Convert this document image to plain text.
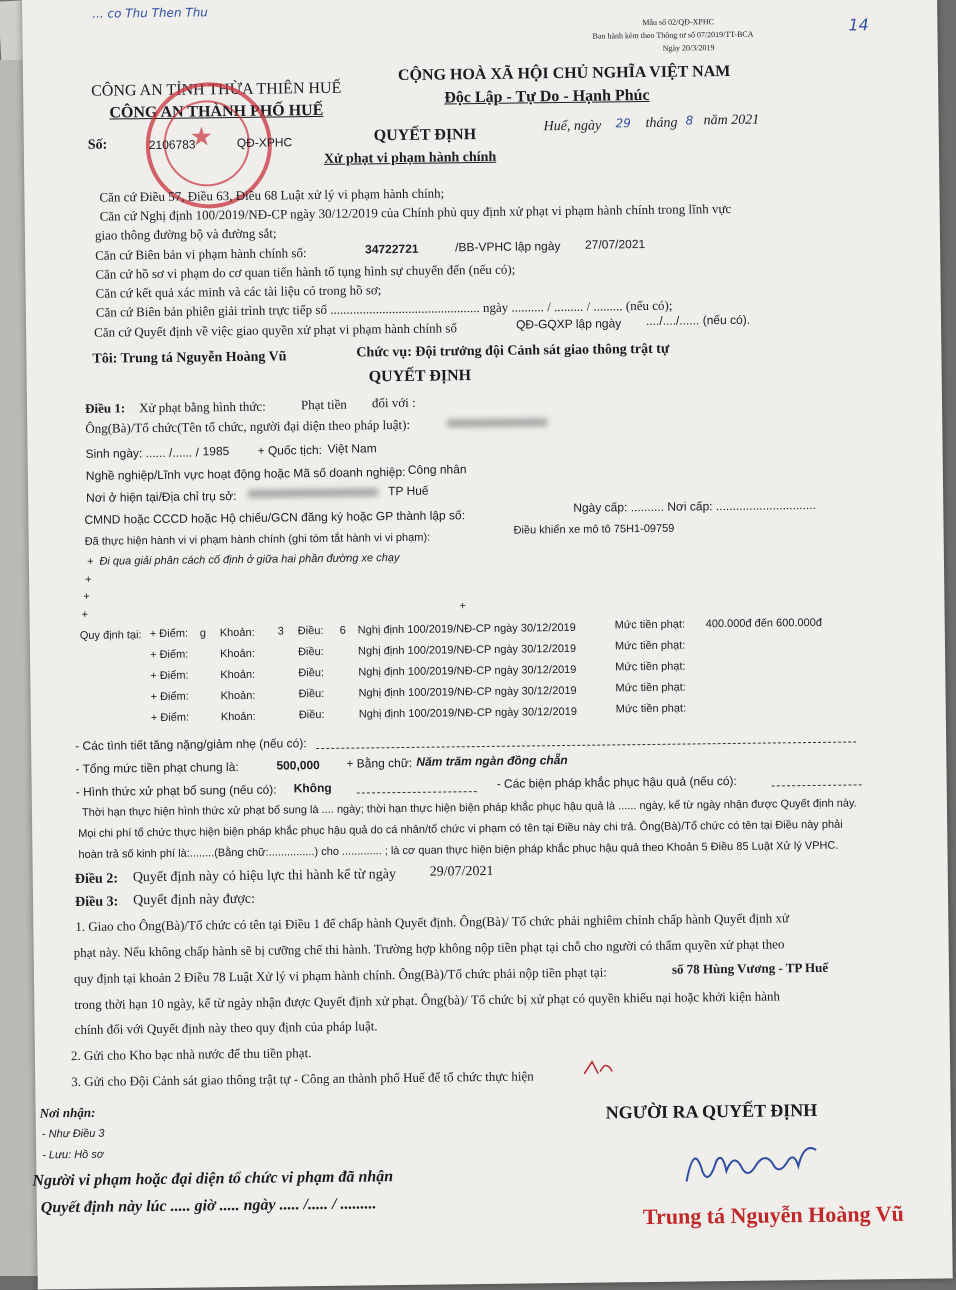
... co Thu Then Thu
14
Mẫu số 02/QĐ-XPHC
Ban hành kèm theo Thông tư số 07/2019/TT-BCA
Ngày 20/3/2019
CÔNG AN TỈNH THỪA THIÊN HUẾ
CÔNG AN THÀNH PHỐ HUẾ
CỘNG HOÀ XÃ HỘI CHỦ NGHĨA VIỆT NAM
Độc Lập - Tự Do - Hạnh Phúc
★
Số:	2106783	QĐ-XPHC	QUYẾT ĐỊNH
Xử phạt vi phạm hành chính
Huế, ngày 29 tháng 8 năm 2021
Căn cứ Điều 57, Điều 63, Điều 68 Luật xử lý vi phạm hành chính;
Căn cứ Nghị định 100/2019/NĐ-CP ngày 30/12/2019 của Chính phủ quy định xử phạt vi phạm hành chính trong lĩnh vực
giao thông đường bộ và đường sắt;
Căn cứ Biên bản vi phạm hành chính số:	34722721	/BB-VPHC lập ngày 27/07/2021
Căn cứ hồ sơ vi phạm do cơ quan tiến hành tố tụng hình sự chuyển đến (nếu có);
Căn cứ kết quả xác minh và các tài liệu có trong hồ sơ;
Căn cứ Biên bản phiên giải trình trực tiếp số .............................................. ngày .......... / ......... / ......... (nếu có);
Căn cứ Quyết định về việc giao quyền xử phạt vi phạm hành chính số	QĐ-GQXP lập ngày ..../..../...... (nếu có).
Tôi: Trung tá Nguyễn Hoàng Vũ	Chức vụ: Đội trưởng đội Cảnh sát giao thông trật tự
QUYẾT ĐỊNH
Điều 1: Xử phạt bằng hình thức:	Phạt tiền đối với :
Ông(Bà)/Tổ chức(Tên tổ chức, người đại diện theo pháp luật):
Sinh ngày: ...... /...... / 1985 + Quốc tịch: Việt Nam
Nghề nghiệp/Lĩnh vực hoạt động hoặc Mã số doanh nghiệp: Công nhân
Nơi ở hiện tại/Địa chỉ trụ sở:	TP Huế
CMND hoặc CCCD hoặc Hộ chiếu/GCN đăng ký hoặc GP thành lập số:
Ngày cấp: .......... Nơi cấp: ..............................
Đã thực hiện hành vi vi phạm hành chính (ghi tóm tắt hành vi vi phạm):
Điều khiển xe mô tô 75H1-09759
+  Đi qua giải phân cách cố định ở giữa hai phần đường xe chạy
+
+
+
+
Quy định tại: + Điểm: g Khoản: 3 Điều: 6 Nghị định 100/2019/NĐ-CP ngày 30/12/2019	Mức tiền phạt: 400.000đ đến 600.000đ
+ Điểm:	Khoản:	Điều:	Nghị định 100/2019/NĐ-CP ngày 30/12/2019	Mức tiền phạt:
+ Điểm:	Khoản:	Điều:	Nghị định 100/2019/NĐ-CP ngày 30/12/2019	Mức tiền phạt:
+ Điểm:	Khoản:	Điều:	Nghị định 100/2019/NĐ-CP ngày 30/12/2019	Mức tiền phạt:
+ Điểm:	Khoản:	Điều:	Nghị định 100/2019/NĐ-CP ngày 30/12/2019	Mức tiền phạt:
- Các tình tiết tăng nặng/giảm nhẹ (nếu có):
- Tổng mức tiền phạt chung là:	500,000 + Bằng chữ: Năm trăm ngàn đồng chẵn
- Hình thức xử phạt bổ sung (nếu có): Không	- Các biện pháp khắc phục hậu quả (nếu có):
Thời hạn thực hiện hình thức xử phạt bổ sung là .... ngày; thời hạn thực hiện biện pháp khắc phục hậu quả là ...... ngày, kể từ ngày nhận được Quyết định này.
Mọi chi phí tổ chức thực hiện biện pháp khắc phục hậu quả do cá nhân/tổ chức vi phạm có tên tại Điều này chi trả. Ông(Bà)/Tổ chức có tên tại Điều này phải
hoàn trả số kinh phí là:........(Bằng chữ:...............) cho ............. ; là cơ quan thực hiện biện pháp khắc phục hậu quả theo Khoản 5 Điều 85 Luật Xử lý VPHC.
Điều 2: Quyết định này có hiệu lực thi hành kể từ ngày 29/07/2021
Điều 3: Quyết định này được:
1. Giao cho Ông(Bà)/Tổ chức có tên tại Điều 1 để chấp hành Quyết định. Ông(Bà)/ Tổ chức phải nghiêm chỉnh chấp hành Quyết định xử
phạt này. Nếu không chấp hành sẽ bị cưỡng chế thi hành. Trường hợp không nộp tiền phạt tại chỗ cho người có thẩm quyền xử phạt theo
quy định tại khoản 2 Điều 78 Luật Xử lý vi phạm hành chính. Ông(Bà)/Tổ chức phải nộp tiền phạt tại:	số 78 Hùng Vương - TP Huế
trong thời hạn 10 ngày, kể từ ngày nhận được Quyết định xử phạt. Ông(bà)/ Tổ chức bị xử phạt có quyền khiếu nại hoặc khởi kiện hành
chính đối với Quyết định này theo quy định của pháp luật.
2. Gửi cho Kho bạc nhà nước để thu tiền phạt.
3. Gửi cho Đội Cảnh sát giao thông trật tự - Công an thành phố Huế để tổ chức thực hiện
Nơi nhận:
- Như Điều 3
- Lưu: Hồ sơ
Người vi phạm hoặc đại diện tổ chức vi phạm đã nhận
Quyết định này lúc ..... giờ ..... ngày ..... /..... / .........
NGƯỜI RA QUYẾT ĐỊNH
Trung tá Nguyễn Hoàng Vũ
